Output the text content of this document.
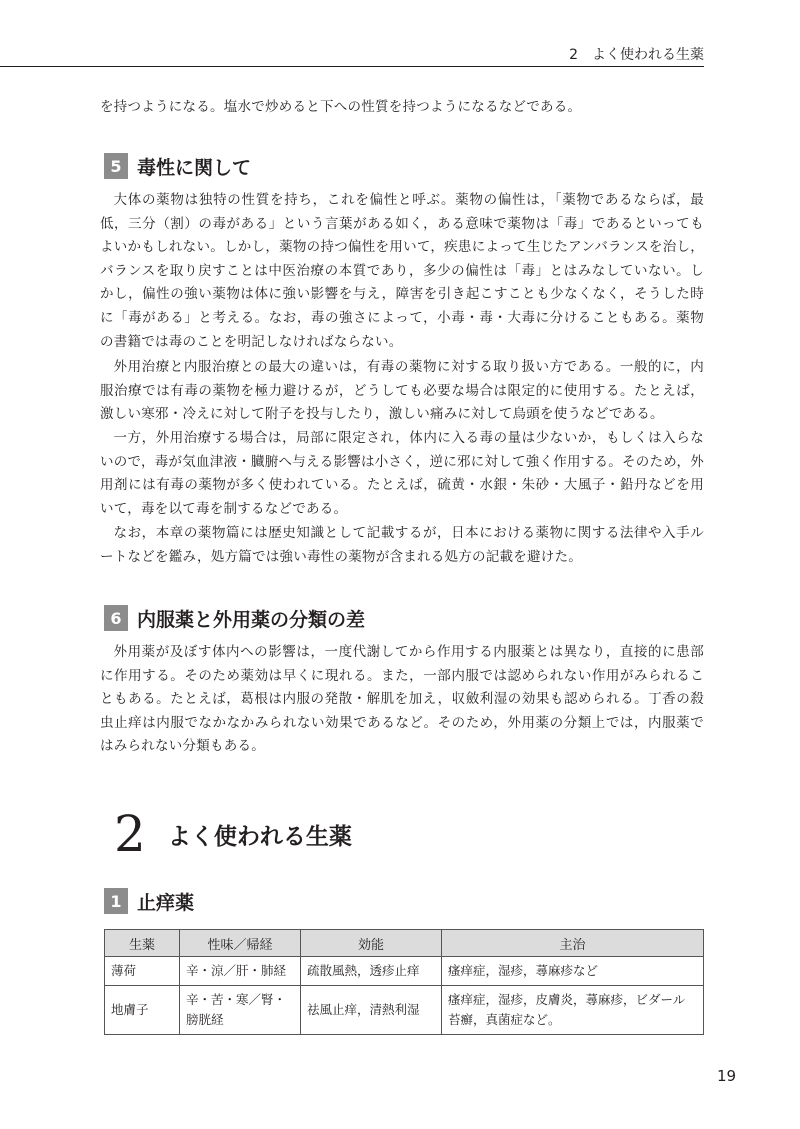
2 よく使われる生薬

を持つようになる。塩水で炒めると下への性質を持つようになるなどである。

5 毒性に関して

大体の薬物は独特の性質を持ち，これを偏性と呼ぶ。薬物の偏性は，「薬物であるならば，最低，三分（割）の毒がある」という言葉がある如く，ある意味で薬物は「毒」であるといってもよいかもしれない。しかし，薬物の持つ偏性を用いて，疾患によって生じたアンバランスを治し，バランスを取り戻すことは中医治療の本質であり，多少の偏性は「毒」とはみなしていない。しかし，偏性の強い薬物は体に強い影響を与え，障害を引き起こすことも少なくなく，そうした時に「毒がある」と考える。なお，毒の強さによって，小毒・毒・大毒に分けることもある。薬物の書籍では毒のことを明記しなければならない。

外用治療と内服治療との最大の違いは，有毒の薬物に対する取り扱い方である。一般的に，内服治療では有毒の薬物を極力避けるが，どうしても必要な場合は限定的に使用する。たとえば，激しい寒邪・冷えに対して附子を投与したり，激しい痛みに対して烏頭を使うなどである。

一方，外用治療する場合は，局部に限定され，体内に入る毒の量は少ないか，もしくは入らないので，毒が気血津液・臓腑へ与える影響は小さく，逆に邪に対して強く作用する。そのため，外用剤には有毒の薬物が多く使われている。たとえば，硫黄・水銀・朱砂・大風子・鉛丹などを用いて，毒を以て毒を制するなどである。

なお，本章の薬物篇には歴史知識として記載するが，日本における薬物に関する法律や入手ルートなどを鑑み，処方篇では強い毒性の薬物が含まれる処方の記載を避けた。

6 内服薬と外用薬の分類の差

外用薬が及ぼす体内への影響は，一度代謝してから作用する内服薬とは異なり，直接的に患部に作用する。そのため薬効は早くに現れる。また，一部内服では認められない作用がみられることもある。たとえば，葛根は内服の発散・解肌を加え，収斂利湿の効果も認められる。丁香の殺虫止痒は内服でなかなかみられない効果であるなど。そのため，外用薬の分類上では，内服薬ではみられない分類もある。

2 よく使われる生薬
1 止痒薬
生薬	性味／帰経	効能	主治
薄荷	辛・涼／肝・肺経	疏散風熱，透疹止痒	瘙痒症，湿疹，蕁麻疹など
地膚子	辛・苦・寒／腎・膀胱経	祛風止痒，清熱利湿	瘙痒症，湿疹，皮膚炎，蕁麻疹，ビダール苔癬，真菌症など。
19
